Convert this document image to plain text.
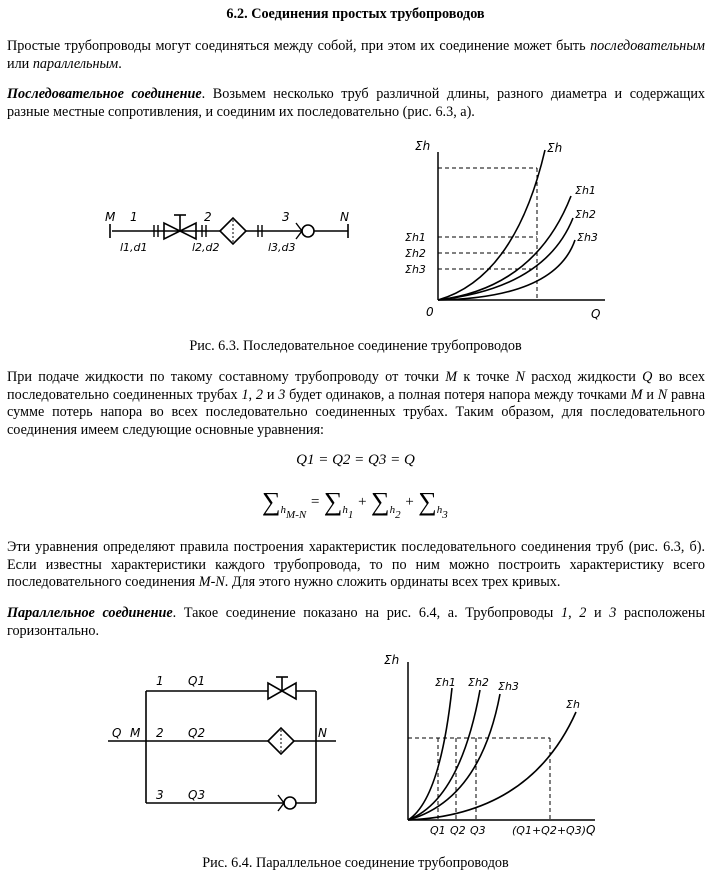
6.2. Соединения простых трубопроводов
Простые трубопроводы могут соединяться между собой, при этом их соединение может быть последовательным или параллельным.
Последовательное соединение. Возьмем несколько труб различной длины, разного диаметра и содержащих разные местные сопротивления, и соединим их последовательно (рис. 6.3, а).
M 1	2	3	N
l1,d1	l2,d2	l3,d3
Σh	Σh
Σh1
Σh2
Σh3
Σh1
Σh2
Σh3
0	Q
Рис. 6.3. Последовательное соединение трубопроводов
При подаче жидкости по такому составному трубопроводу от точки M к точке N расход жидкости Q во всех последовательно соединенных трубах 1, 2 и 3 будет одинаков, а полная потеря напора между точками M и N равна сумме потерь напора во всех последовательно соединенных трубах. Таким образом, для последовательного соединения имеем следующие основные уравнения:
Q1 = Q2 = Q3 = Q
$\sum_{hM-N} = \sum_{h1} + \sum_{h2} + \sum_{h3}$
Эти уравнения определяют правила построения характеристик последовательного соединения труб (рис. 6.3, б). Если известны характеристики каждого трубопровода, то по ним можно построить характеристику всего последовательного соединения M-N. Для этого нужно сложить ординаты всех трех кривых.
Параллельное соединение. Такое соединение показано на рис. 6.4, а. Трубопроводы 1, 2 и 3 расположены горизонтально.
Q M	N
1
2
3
Q1
Q2
Q3
Σh
Σh1 Σh2 Σh3
Σh
Q1 Q2 Q3 (Q1+Q2+Q3) Q
Рис. 6.4. Параллельное соединение трубопроводов
